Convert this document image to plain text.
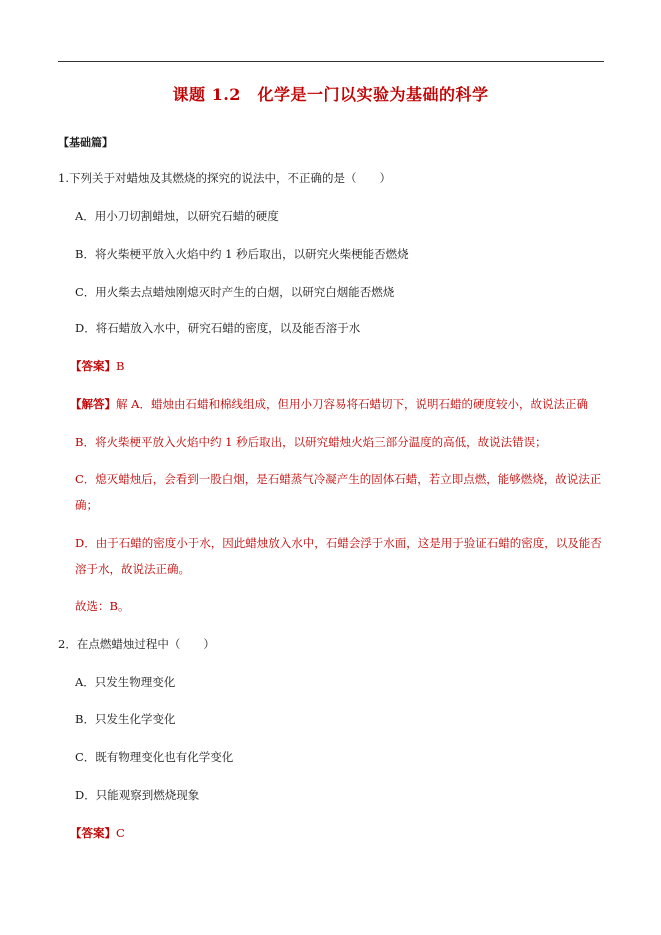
课题 1.2　化学是一门以实验为基础的科学
【基础篇】
1.下列关于对蜡烛及其燃烧的探究的说法中，不正确的是（　　）
A．用小刀切割蜡烛，以研究石蜡的硬度
B．将火柴梗平放入火焰中约 1 秒后取出，以研究火柴梗能否燃烧
C．用火柴去点蜡烛刚熄灭时产生的白烟，以研究白烟能否燃烧
D．将石蜡放入水中，研究石蜡的密度，以及能否溶于水
【答案】B
【解答】解 A．蜡烛由石蜡和棉线组成，但用小刀容易将石蜡切下，说明石蜡的硬度较小，故说法正确
B．将火柴梗平放入火焰中约 1 秒后取出，以研究蜡烛火焰三部分温度的高低，故说法错误；
C．熄灭蜡烛后，会看到一股白烟，是石蜡蒸气冷凝产生的固体石蜡，若立即点燃，能够燃烧，故说法正
确；
D．由于石蜡的密度小于水，因此蜡烛放入水中，石蜡会浮于水面，这是用于验证石蜡的密度，以及能否
溶于水，故说法正确。
故选：B。
2．在点燃蜡烛过程中（　　）
A．只发生物理变化
B．只发生化学变化
C．既有物理变化也有化学变化
D．只能观察到燃烧现象
【答案】C
